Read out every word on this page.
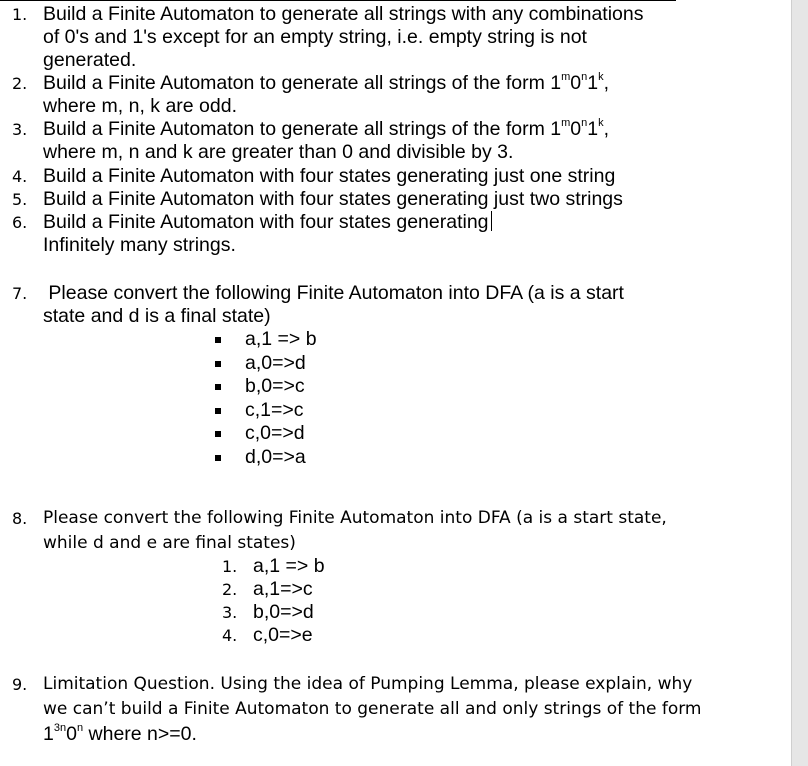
1. Build a Finite Automaton to generate all strings with any combinations
of 0's and 1's except for an empty string, i.e. empty string is not
generated.
2. Build a Finite Automaton to generate all strings of the form 1$^m$0$^n$1$^k$,
where m, n, k are odd.
3. Build a Finite Automaton to generate all strings of the form 1$^m$0$^n$1$^k$,
where m, n and k are greater than 0 and divisible by 3.
4. Build a Finite Automaton with four states generating just one string
5. Build a Finite Automaton with four states generating just two strings
6. Build a Finite Automaton with four states generating
Infinitely many strings.
7. Please convert the following Finite Automaton into DFA (a is a start
state and d is a final state)
a,1 => b
a,0=>d
b,0=>c
c,1=>c
c,0=>d
d,0=>a
8. Please convert the following Finite Automaton into DFA (a is a start state,
while d and e are final states)
1. a,1 => b
2. a,1=>c
3. b,0=>d
4. c,0=>e
9. Limitation Question. Using the idea of Pumping Lemma, please explain, why
we can’t build a Finite Automaton to generate all and only strings of the form
$1^{3n}0^n$ where n>=0.
